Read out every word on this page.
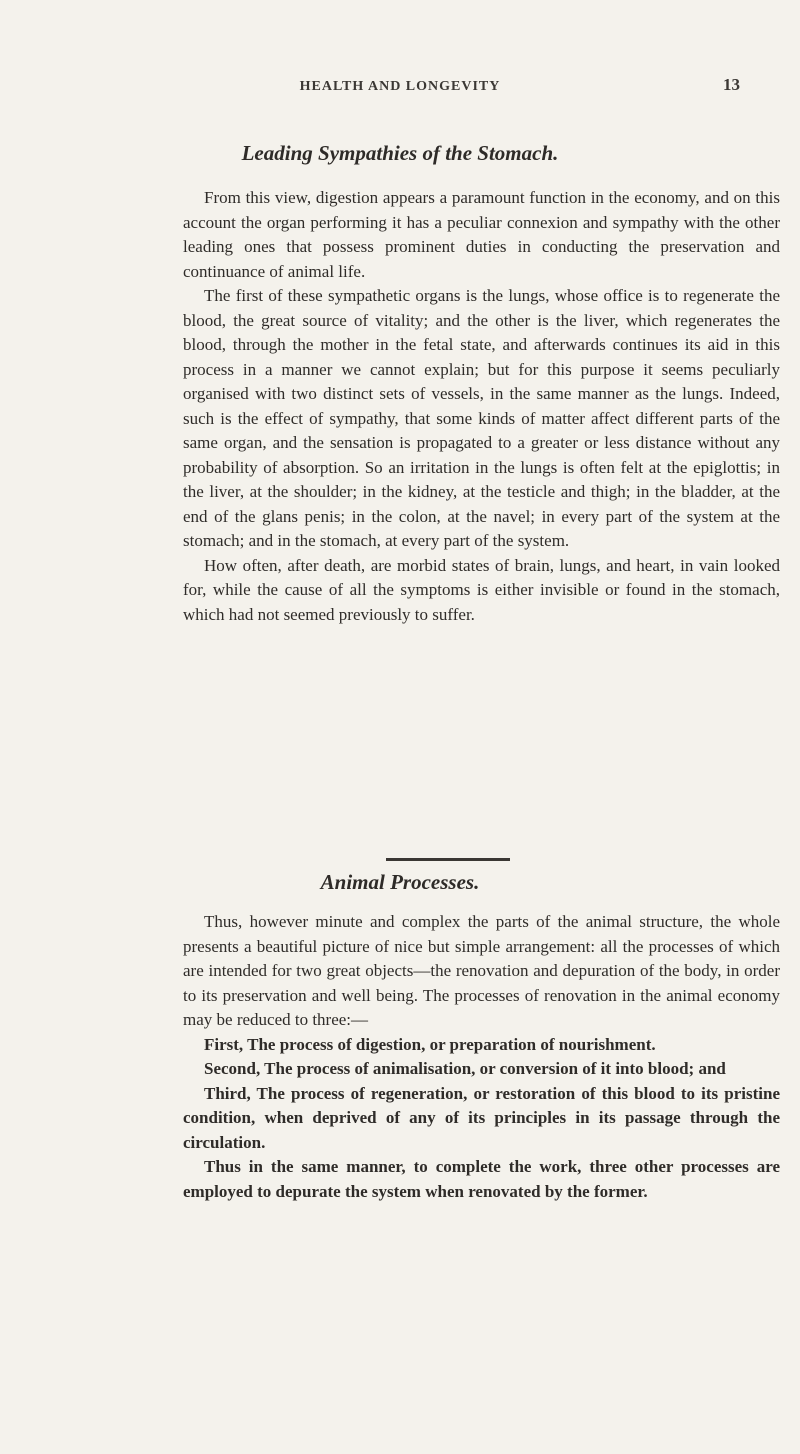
HEALTH AND LONGEVITY	13
Leading Sympathies of the Stomach.

From this view, digestion appears a paramount function in the economy, and on this account the organ performing it has a peculiar connexion and sympathy with the other leading ones that possess prominent duties in conducting the preservation and continuance of animal life.

The first of these sympathetic organs is the lungs, whose office is to regenerate the blood, the great source of vitality; and the other is the liver, which regenerates the blood, through the mother in the fetal state, and afterwards continues its aid in this process in a manner we cannot explain; but for this purpose it seems peculiarly organised with two distinct sets of vessels, in the same manner as the lungs. Indeed, such is the effect of sympathy, that some kinds of matter affect different parts of the same organ, and the sensation is propagated to a greater or less distance without any probability of absorption. So an irritation in the lungs is often felt at the epiglottis; in the liver, at the shoulder; in the kidney, at the testicle and thigh; in the bladder, at the end of the glans penis; in the colon, at the navel; in every part of the system at the stomach; and in the stomach, at every part of the system.

How often, after death, are morbid states of brain, lungs, and heart, in vain looked for, while the cause of all the symptoms is either invisible or found in the stomach, which had not seemed previously to suffer.

Animal Processes.

Thus, however minute and complex the parts of the animal structure, the whole presents a beautiful picture of nice but simple arrangement: all the processes of which are intended for two great objects—the renovation and depuration of the body, in order to its preservation and well being. The processes of renovation in the animal economy may be reduced to three:—

First, The process of digestion, or preparation of nourishment.

Second, The process of animalisation, or conversion of it into blood; and

Third, The process of regeneration, or restoration of this blood to its pristine condition, when deprived of any of its principles in its passage through the circulation.

Thus in the same manner, to complete the work, three other processes are employed to depurate the system when renovated by the former.
